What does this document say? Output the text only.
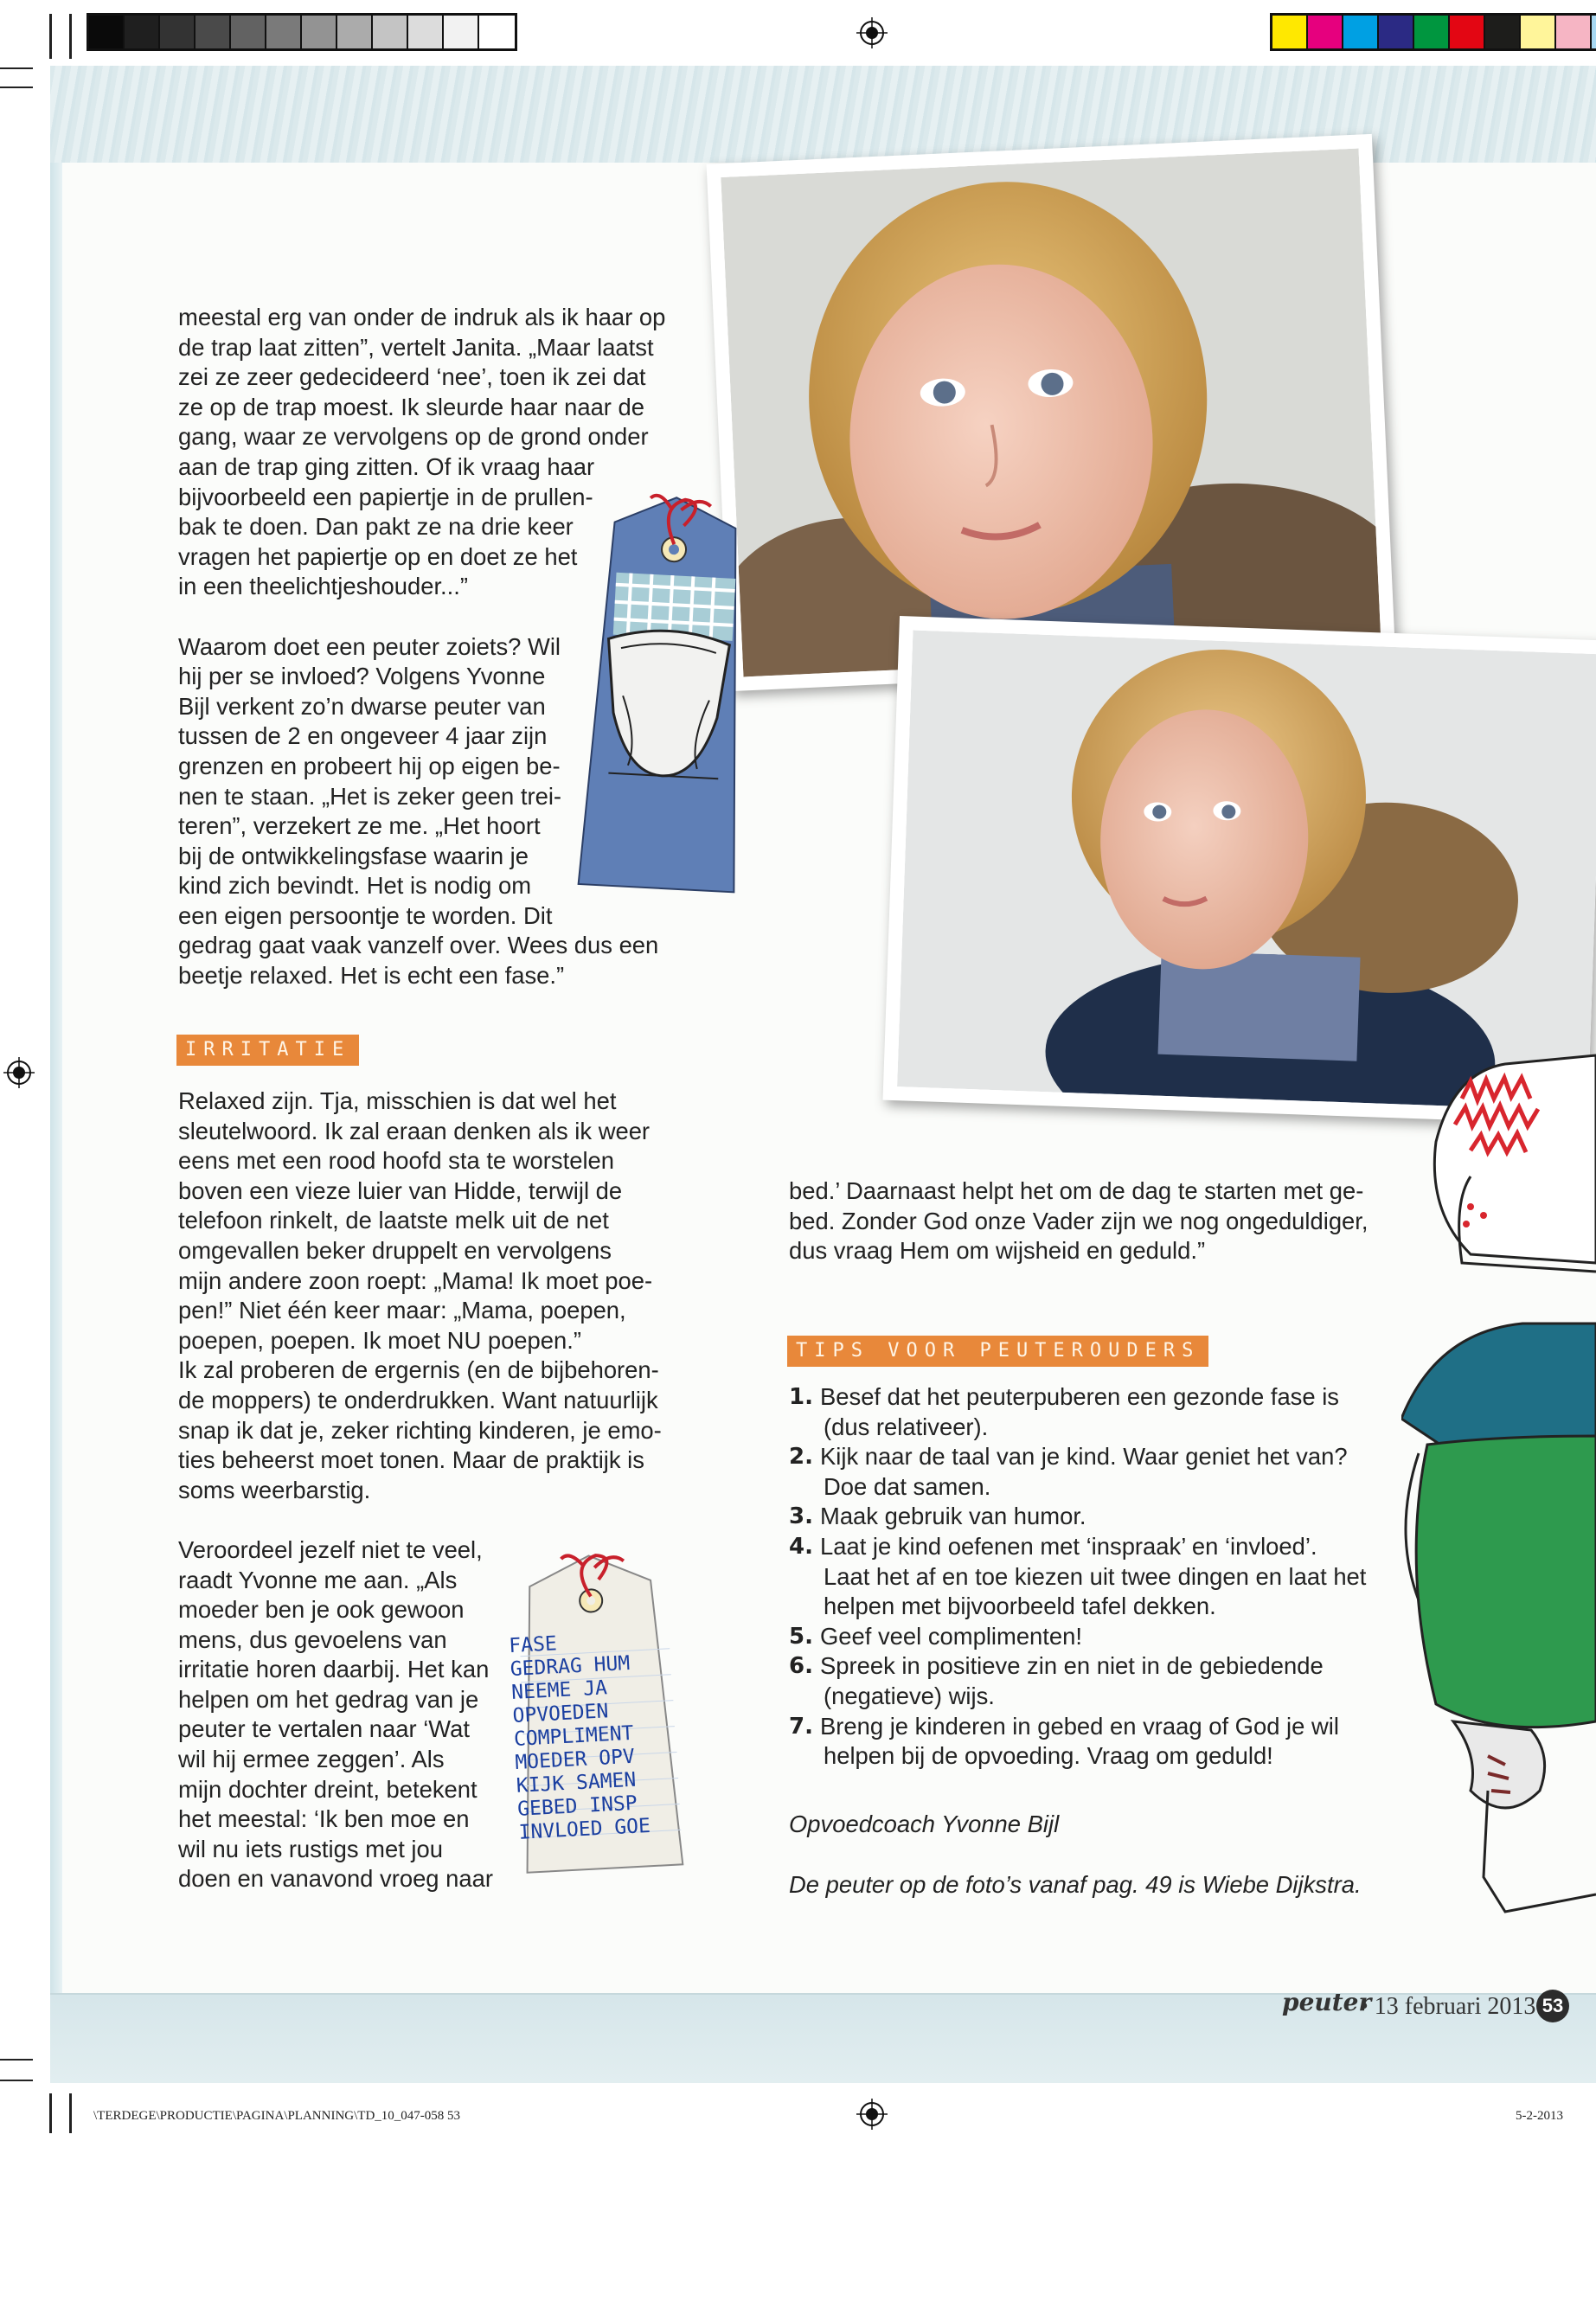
meestal erg van onder de indruk als ik haar op

de trap laat zitten”, vertelt Janita. „Maar laatst

zei ze zeer gedecideerd ‘nee’, toen ik zei dat

ze op de trap moest. Ik sleurde haar naar de

gang, waar ze vervolgens op de grond onder

aan de trap ging zitten. Of ik vraag haar

bijvoorbeeld een papiertje in de prullen-

bak te doen. Dan pakt ze na drie keer

vragen het papiertje op en doet ze het

in een theelichtjeshouder...”

Waarom doet een peuter zoiets? Wil

hij per se invloed? Volgens Yvonne

Bijl verkent zo’n dwarse peuter van

tussen de 2 en ongeveer 4 jaar zijn

grenzen en probeert hij op eigen be-

nen te staan. „Het is zeker geen trei-

teren”, verzekert ze me. „Het hoort

bij de ontwikkelingsfase waarin je

kind zich bevindt. Het is nodig om

een eigen persoontje te worden. Dit

gedrag gaat vaak vanzelf over. Wees dus een

beetje relaxed. Het is echt een fase.”

IRRITATIE

Relaxed zijn. Tja, misschien is dat wel het

sleutelwoord. Ik zal eraan denken als ik weer

eens met een rood hoofd sta te worstelen

boven een vieze luier van Hidde, terwijl de

telefoon rinkelt, de laatste melk uit de net

omgevallen beker druppelt en vervolgens

mijn andere zoon roept: „Mama! Ik moet poe-

pen!” Niet één keer maar: „Mama, poepen,

poepen, poepen. Ik moet NU poepen.”

Ik zal proberen de ergernis (en de bijbehoren-

de moppers) te onderdrukken. Want natuurlijk

snap ik dat je, zeker richting kinderen, je emo-

ties beheerst moet tonen. Maar de praktijk is

soms weerbarstig.

Veroordeel jezelf niet te veel,

raadt Yvonne me aan. „Als

moeder ben je ook gewoon

mens, dus gevoelens van

irritatie horen daarbij. Het kan

helpen om het gedrag van je

peuter te vertalen naar ‘Wat

wil hij ermee zeggen’. Als

mijn dochter dreint, betekent

het meestal: ‘Ik ben moe en

wil nu iets rustigs met jou

doen en vanavond vroeg naar

bed.’ Daarnaast helpt het om de dag te starten met ge-

bed. Zonder God onze Vader zijn we nog ongeduldiger,

dus vraag Hem om wijsheid en geduld.”

TIPS VOOR PEUTEROUDERS
1. Besef dat het peuterpuberen een gezonde fase is
(dus relativeer).
2. Kijk naar de taal van je kind. Waar geniet het van?
Doe dat samen.
3. Maak gebruik van humor.
4. Laat je kind oefenen met ‘inspraak’ en ‘invloed’.
Laat het af en toe kiezen uit twee dingen en laat het
helpen met bijvoorbeeld tafel dekken.
5. Geef veel complimenten!
6. Spreek in positieve zin en niet in de gebiedende
(negatieve) wijs.
7. Breng je kinderen in gebed en vraag of God je wil
helpen bij de opvoeding. Vraag om geduld!

Opvoedcoach Yvonne Bijl

De peuter op de foto’s vanaf pag. 49 is Wiebe Dijkstra.

FASE
GEDRAG HUM
NEEME JA
OPVOEDEN
COMPLIMENT
MOEDER OPV
KIJK SAMEN
GEBED INSP
INVLOED GOE
peuter
• 13 februari 2013 53
\TERDEGE\PRODUCTIE\PAGINA\PLANNING\TD_10_047-058 53	5-2-2013
